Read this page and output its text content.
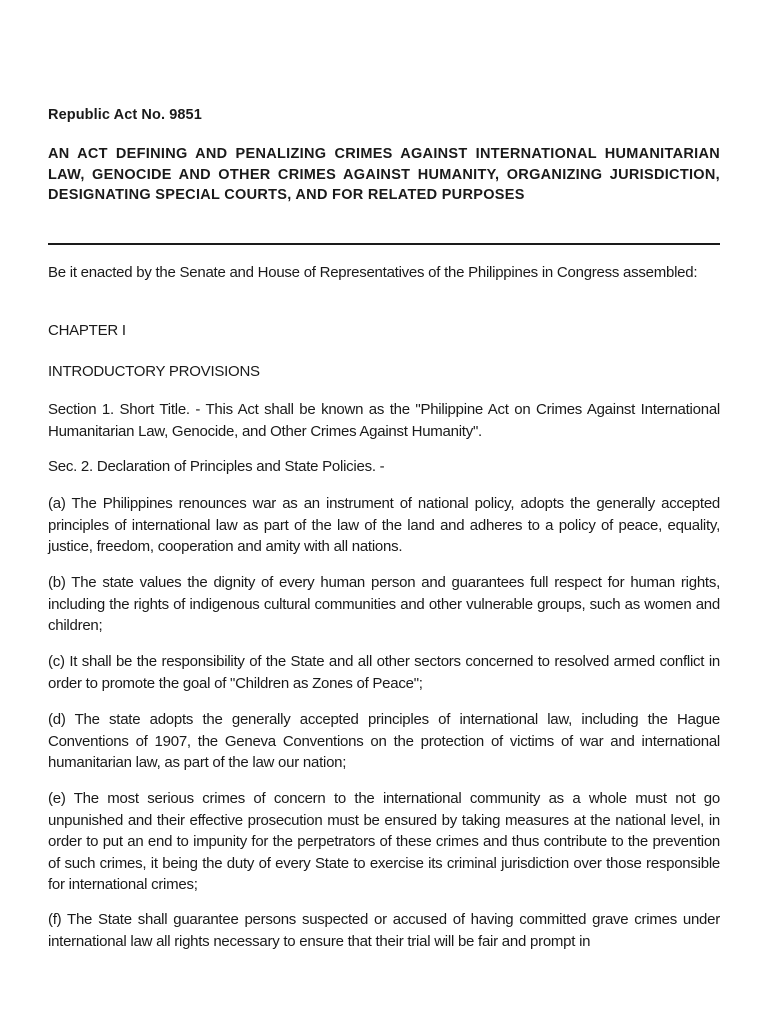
Republic Act No. 9851
AN ACT DEFINING AND PENALIZING CRIMES AGAINST INTERNATIONAL HUMANITARIAN LAW, GENOCIDE AND OTHER CRIMES AGAINST HUMANITY, ORGANIZING JURISDICTION, DESIGNATING SPECIAL COURTS, AND FOR RELATED PURPOSES
Be it enacted by the Senate and House of Representatives of the Philippines in Congress assembled:
CHAPTER I
INTRODUCTORY PROVISIONS
Section 1. Short Title. - This Act shall be known as the "Philippine Act on Crimes Against International Humanitarian Law, Genocide, and Other Crimes Against Humanity".
Sec. 2. Declaration of Principles and State Policies. -
(a) The Philippines renounces war as an instrument of national policy, adopts the generally accepted principles of international law as part of the law of the land and adheres to a policy of peace, equality, justice, freedom, cooperation and amity with all nations.
(b) The state values the dignity of every human person and guarantees full respect for human rights, including the rights of indigenous cultural communities and other vulnerable groups, such as women and children;
(c) It shall be the responsibility of the State and all other sectors concerned to resolved armed conflict in order to promote the goal of "Children as Zones of Peace";
(d) The state adopts the generally accepted principles of international law, including the Hague Conventions of 1907, the Geneva Conventions on the protection of victims of war and international humanitarian law, as part of the law our nation;
(e) The most serious crimes of concern to the international community as a whole must not go unpunished and their effective prosecution must be ensured by taking measures at the national level, in order to put an end to impunity for the perpetrators of these crimes and thus contribute to the prevention of such crimes, it being the duty of every State to exercise its criminal jurisdiction over those responsible for international crimes;
(f) The State shall guarantee persons suspected or accused of having committed grave crimes under international law all rights necessary to ensure that their trial will be fair and prompt in
